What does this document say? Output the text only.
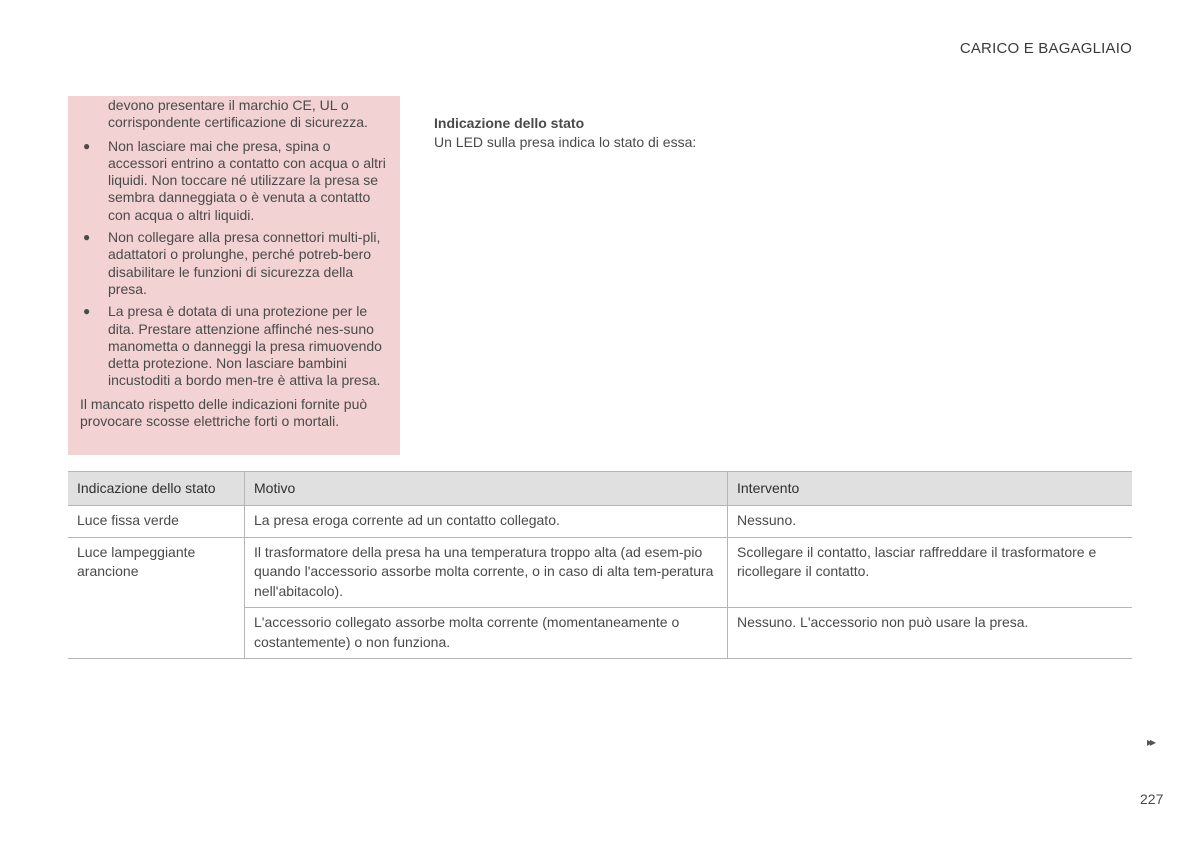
CARICO E BAGAGLIAIO
devono presentare il marchio CE, UL o corrispondente certificazione di sicurezza.
● Non lasciare mai che presa, spina o accessori entrino a contatto con acqua o altri liquidi. Non toccare né utilizzare la presa se sembra danneggiata o è venuta a contatto con acqua o altri liquidi.
● Non collegare alla presa connettori multi-pli, adattatori o prolunghe, perché potreb-bero disabilitare le funzioni di sicurezza della presa.
● La presa è dotata di una protezione per le dita. Prestare attenzione affinché nes-suno manometta o danneggi la presa rimuovendo detta protezione. Non lasciare bambini incustoditi a bordo men-tre è attiva la presa.
Il mancato rispetto delle indicazioni fornite può provocare scosse elettriche forti o mortali.
Indicazione dello stato
Un LED sulla presa indica lo stato di essa:
Indicazione dello stato	Motivo	Intervento
Luce fissa verde	La presa eroga corrente ad un contatto collegato.	Nessuno.
Luce lampeggiante arancione	Il trasformatore della presa ha una temperatura troppo alta (ad esem-pio quando l'accessorio assorbe molta corrente, o in caso di alta tem-peratura nell'abitacolo).	Scollegare il contatto, lasciar raffreddare il trasformatore e ricollegare il contatto.
	L'accessorio collegato assorbe molta corrente (momentaneamente o costantemente) o non funziona.	Nessuno. L'accessorio non può usare la presa.
▸▸
227
